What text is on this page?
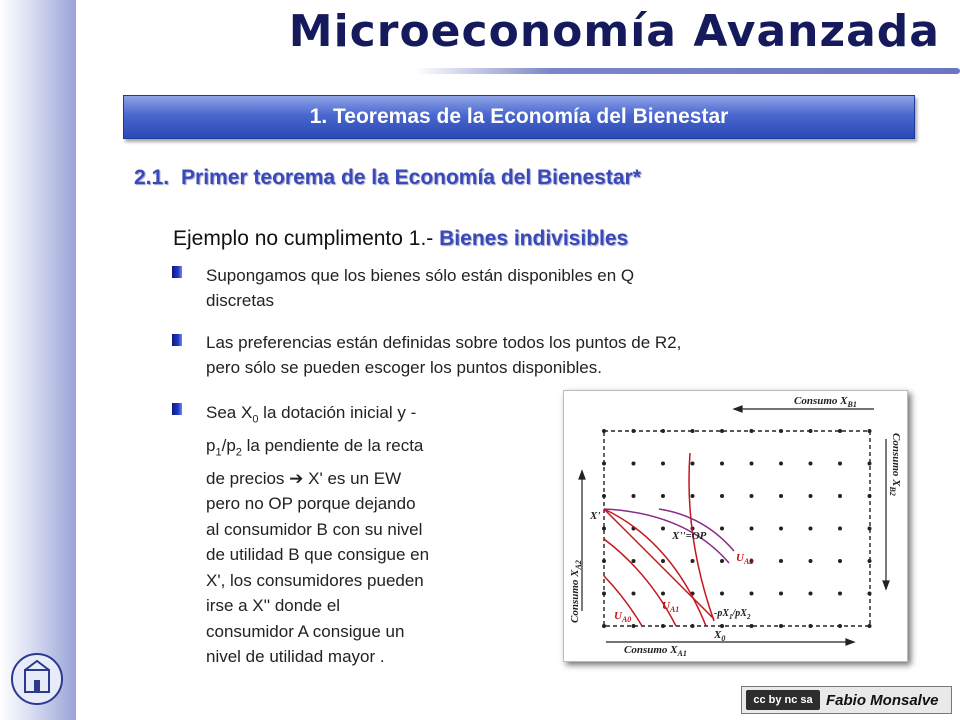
Microeconomía Avanzada
1. Teoremas de la Economía del Bienestar
2.1. Primer teorema de la Economía del Bienestar*
Ejemplo no cumplimento 1.- Bienes indivisibles
Supongamos que los bienes sólo están disponibles en Q
discretas
Las preferencias están definidas sobre todos los puntos de R2,
pero sólo se pueden escoger los puntos disponibles.
Sea $X_0$ la dotación inicial y -
$p_1/p_2$ la pendiente de la recta
de precios ➔ X' es un EW
pero no OP porque dejando
al consumidor B con su nivel
de utilidad B que consigue en
X', los consumidores pueden
irse a X'' donde el
consumidor A consigue un
nivel de utilidad mayor .
Consumo $X_{B1}$
Consumo $X_{A1}$
Consumo $X_{B2}$
Consumo $X_{A2}$
X'
X''=OP
$X_0$
$U_{A0}$
$U_{A1}$
$U_{A2}$
$-pX_1/pX_2$
cc by nc sa Fabio Monsalve
